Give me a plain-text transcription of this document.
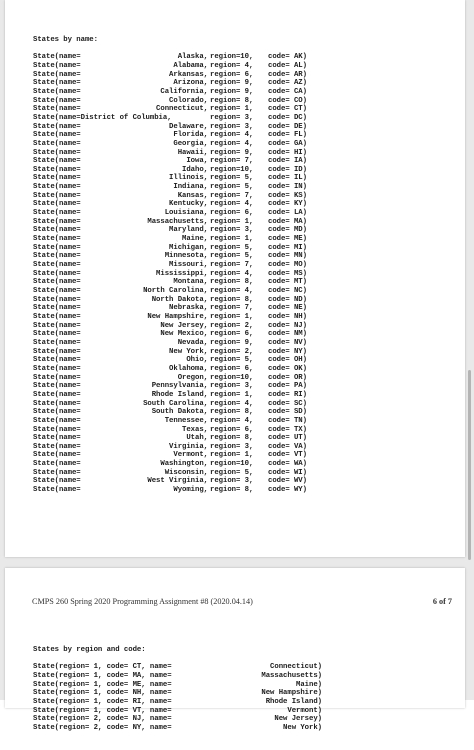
States by name:

State(name=	Alaska, region=10, code= AK)
State(name=	Alabama, region= 4, code= AL)
State(name=	Arkansas, region= 6, code= AR)
State(name=	Arizona, region= 9, code= AZ)
State(name=	California, region= 9, code= CA)
State(name=	Colorado, region= 8, code= CO)
State(name=	Connecticut, region= 1, code= CT)
State(name=District of Columbia,	region= 3, code= DC)
State(name=	Delaware, region= 3, code= DE)
State(name=	Florida, region= 4, code= FL)
State(name=	Georgia, region= 4, code= GA)
State(name=	Hawaii, region= 9, code= HI)
State(name=	Iowa, region= 7, code= IA)
State(name=	Idaho, region=10, code= ID)
State(name=	Illinois, region= 5, code= IL)
State(name=	Indiana, region= 5, code= IN)
State(name=	Kansas, region= 7, code= KS)
State(name=	Kentucky, region= 4, code= KY)
State(name=	Louisiana, region= 6, code= LA)
State(name=	Massachusetts, region= 1, code= MA)
State(name=	Maryland, region= 3, code= MD)
State(name=	Maine, region= 1, code= ME)
State(name=	Michigan, region= 5, code= MI)
State(name=	Minnesota, region= 5, code= MN)
State(name=	Missouri, region= 7, code= MO)
State(name=	Mississippi, region= 4, code= MS)
State(name=	Montana, region= 8, code= MT)
State(name=	North Carolina, region= 4, code= NC)
State(name=	North Dakota, region= 8, code= ND)
State(name=	Nebraska, region= 7, code= NE)
State(name=	New Hampshire, region= 1, code= NH)
State(name=	New Jersey, region= 2, code= NJ)
State(name=	New Mexico, region= 6, code= NM)
State(name=	Nevada, region= 9, code= NV)
State(name=	New York, region= 2, code= NY)
State(name=	Ohio, region= 5, code= OH)
State(name=	Oklahoma, region= 6, code= OK)
State(name=	Oregon, region=10, code= OR)
State(name=	Pennsylvania, region= 3, code= PA)
State(name=	Rhode Island, region= 1, code= RI)
State(name=	South Carolina, region= 4, code= SC)
State(name=	South Dakota, region= 8, code= SD)
State(name=	Tennessee, region= 4, code= TN)
State(name=	Texas, region= 6, code= TX)
State(name=	Utah, region= 8, code= UT)
State(name=	Virginia, region= 3, code= VA)
State(name=	Vermont, region= 1, code= VT)
State(name=	Washington, region=10, code= WA)
State(name=	Wisconsin, region= 5, code= WI)
State(name=	West Virginia, region= 3, code= WV)
State(name=	Wyoming, region= 8, code= WY)

CMPS 260 Spring 2020 Programming Assignment #8 (2020.04.14)	6 of 7

States by region and code:

State(region= 1, code= CT, name=	Connecticut)
State(region= 1, code= MA, name=	Massachusetts)
State(region= 1, code= ME, name=	Maine)
State(region= 1, code= NH, name=	New Hampshire)
State(region= 1, code= RI, name=	Rhode Island)
State(region= 1, code= VT, name=	Vermont)
State(region= 2, code= NJ, name=	New Jersey)
State(region= 2, code= NY, name=	New York)
